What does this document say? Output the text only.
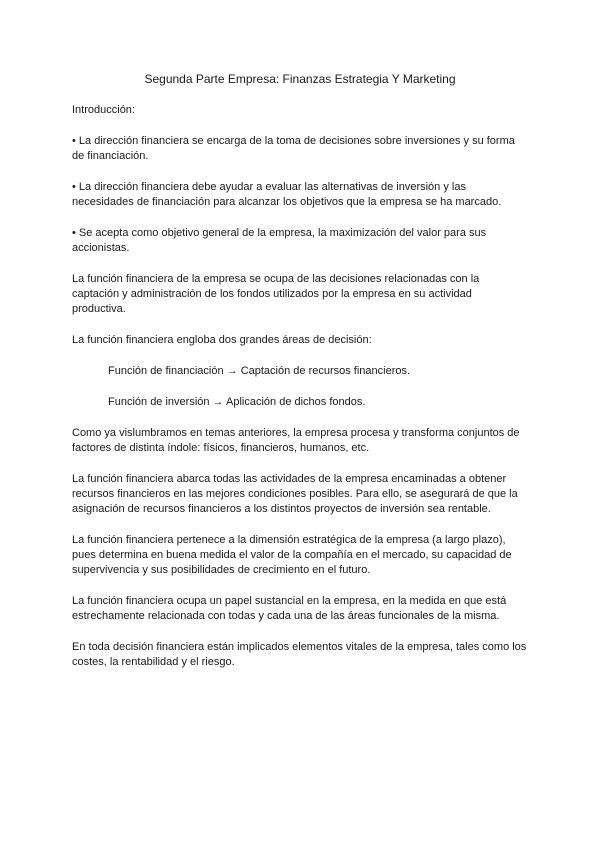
Segunda Parte Empresa: Finanzas Estrategia Y Marketing

Introducción:

• La dirección financiera se encarga de la toma de decisiones sobre inversiones y su forma de financiación.

• La dirección financiera debe ayudar a evaluar las alternativas de inversión y las necesidades de financiación para alcanzar los objetivos que la empresa se ha marcado.

• Se acepta como objetivo general de la empresa, la maximización del valor para sus accionistas.

La función financiera de la empresa se ocupa de las decisiones relacionadas con la captación y administración de los fondos utilizados por la empresa en su actividad productiva.

La función financiera engloba dos grandes áreas de decisión:

Función de financiación → Captación de recursos financieros.

Función de inversión → Aplicación de dichos fondos.

Como ya vislumbramos en temas anteriores, la empresa procesa y transforma conjuntos de factores de distinta índole: físicos, financieros, humanos, etc.

La función financiera abarca todas las actividades de la empresa encaminadas a obtener recursos financieros en las mejores condiciones posibles. Para ello, se asegurará de que la asignación de recursos financieros a los distintos proyectos de inversión sea rentable.

La función financiera pertenece a la dimensión estratégica de la empresa (a largo plazo), pues determina en buena medida el valor de la compañía en el mercado, su capacidad de supervivencia y sus posibilidades de crecimiento en el futuro.

La función financiera ocupa un papel sustancial en la empresa, en la medida en que está estrechamente relacionada con todas y cada una de las áreas funcionales de la misma.

En toda decisión financiera están implicados elementos vitales de la empresa, tales como los costes, la rentabilidad y el riesgo.
